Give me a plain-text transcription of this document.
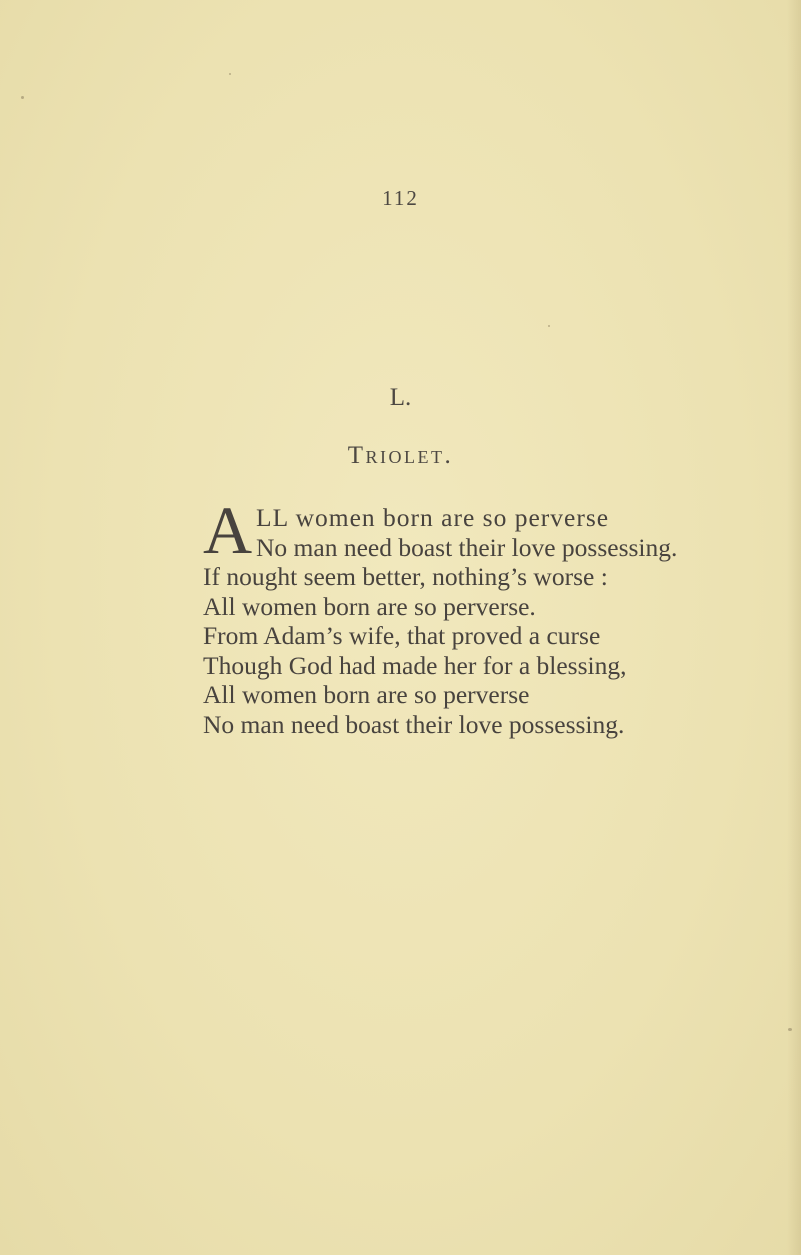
112
L.
Triolet.
A LL women born are so perverse
No man need boast their love possessing.
If nought seem better, nothing’s worse :
All women born are so perverse.
From Adam’s wife, that proved a curse
Though God had made her for a blessing,
All women born are so perverse
No man need boast their love possessing.
